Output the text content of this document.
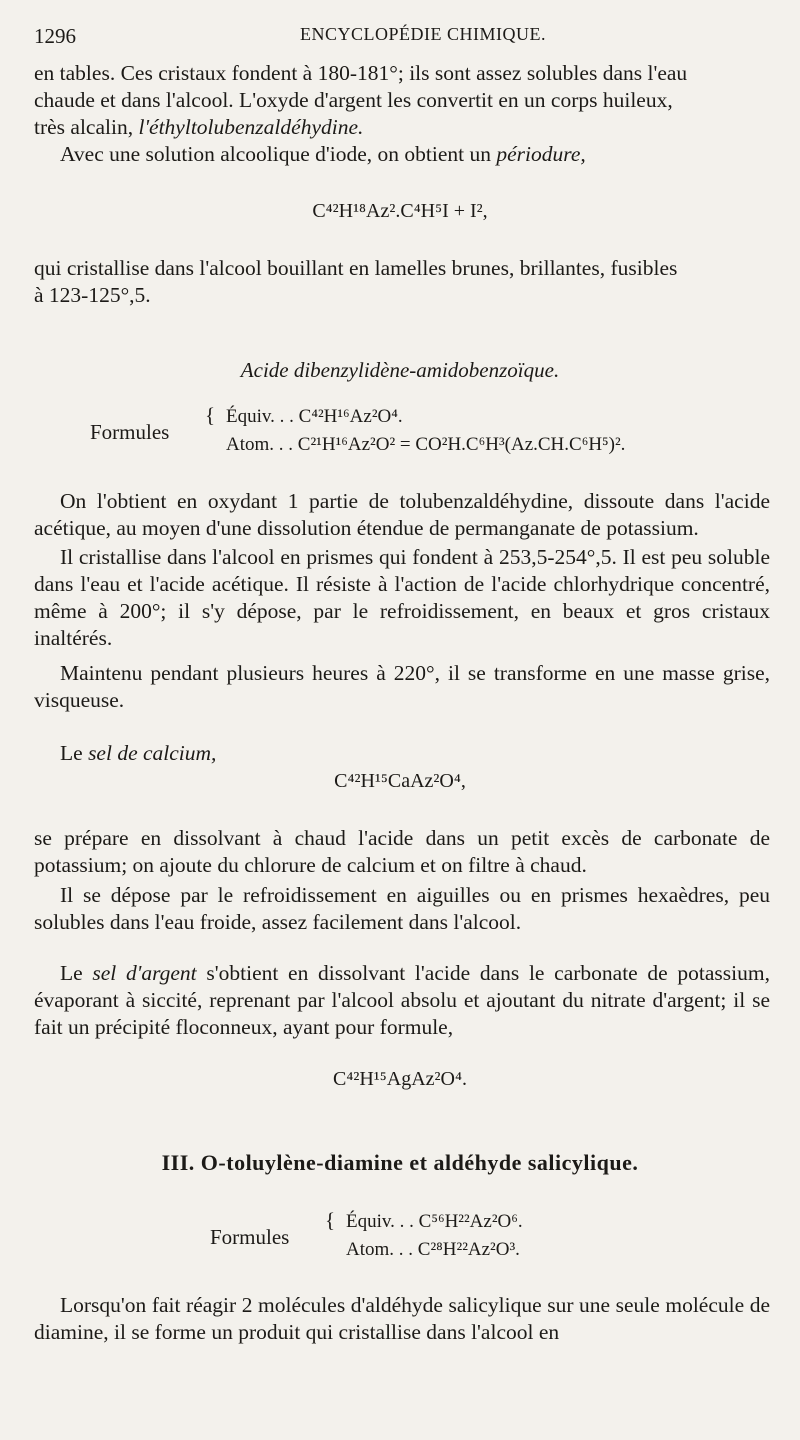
1296	ENCYCLOPÉDIE CHIMIQUE.

en tables. Ces cristaux fondent à 180-181°; ils sont assez solubles dans l'eau
chaude et dans l'alcool. L'oxyde d'argent les convertit en un corps huileux,
très alcalin, l'éthyltolubenzaldéhydine.
Avec une solution alcoolique d'iode, on obtient un périodure,

C⁴²H¹⁸Az².C⁴H⁵I + I²,

qui cristallise dans l'alcool bouillant en lamelles brunes, brillantes, fusibles
à 123-125°,5.

Acide dibenzylidène-amidobenzoïque.
Formules
{ Équiv. . . C⁴²H¹⁶Az²O⁴.
Atom. . . C²¹H¹⁶Az²O² = CO²H.C⁶H³(Az.CH.C⁶H⁵)².

On l'obtient en oxydant 1 partie de tolubenzaldéhydine, dissoute dans l'acide acétique, au moyen d'une dissolution étendue de permanganate de potassium.

Il cristallise dans l'alcool en prismes qui fondent à 253,5-254°,5. Il est peu soluble dans l'eau et l'acide acétique. Il résiste à l'action de l'acide chlorhydrique concentré, même à 200°; il s'y dépose, par le refroidissement, en beaux et gros cristaux inaltérés.

Maintenu pendant plusieurs heures à 220°, il se transforme en une masse grise, visqueuse.

Le sel de calcium,

C⁴²H¹⁵CaAz²O⁴,

se prépare en dissolvant à chaud l'acide dans un petit excès de carbonate de potassium; on ajoute du chlorure de calcium et on filtre à chaud.

Il se dépose par le refroidissement en aiguilles ou en prismes hexaèdres, peu solubles dans l'eau froide, assez facilement dans l'alcool.

Le sel d'argent s'obtient en dissolvant l'acide dans le carbonate de potassium, évaporant à siccité, reprenant par l'alcool absolu et ajoutant du nitrate d'argent; il se fait un précipité floconneux, ayant pour formule,

C⁴²H¹⁵AgAz²O⁴.
III. O-toluylène-diamine et aldéhyde salicylique.
Formules
{ Équiv. . . C⁵⁶H²²Az²O⁶.
Atom. . . C²⁸H²²Az²O³.

Lorsqu'on fait réagir 2 molécules d'aldéhyde salicylique sur une seule molécule de diamine, il se forme un produit qui cristallise dans l'alcool en
